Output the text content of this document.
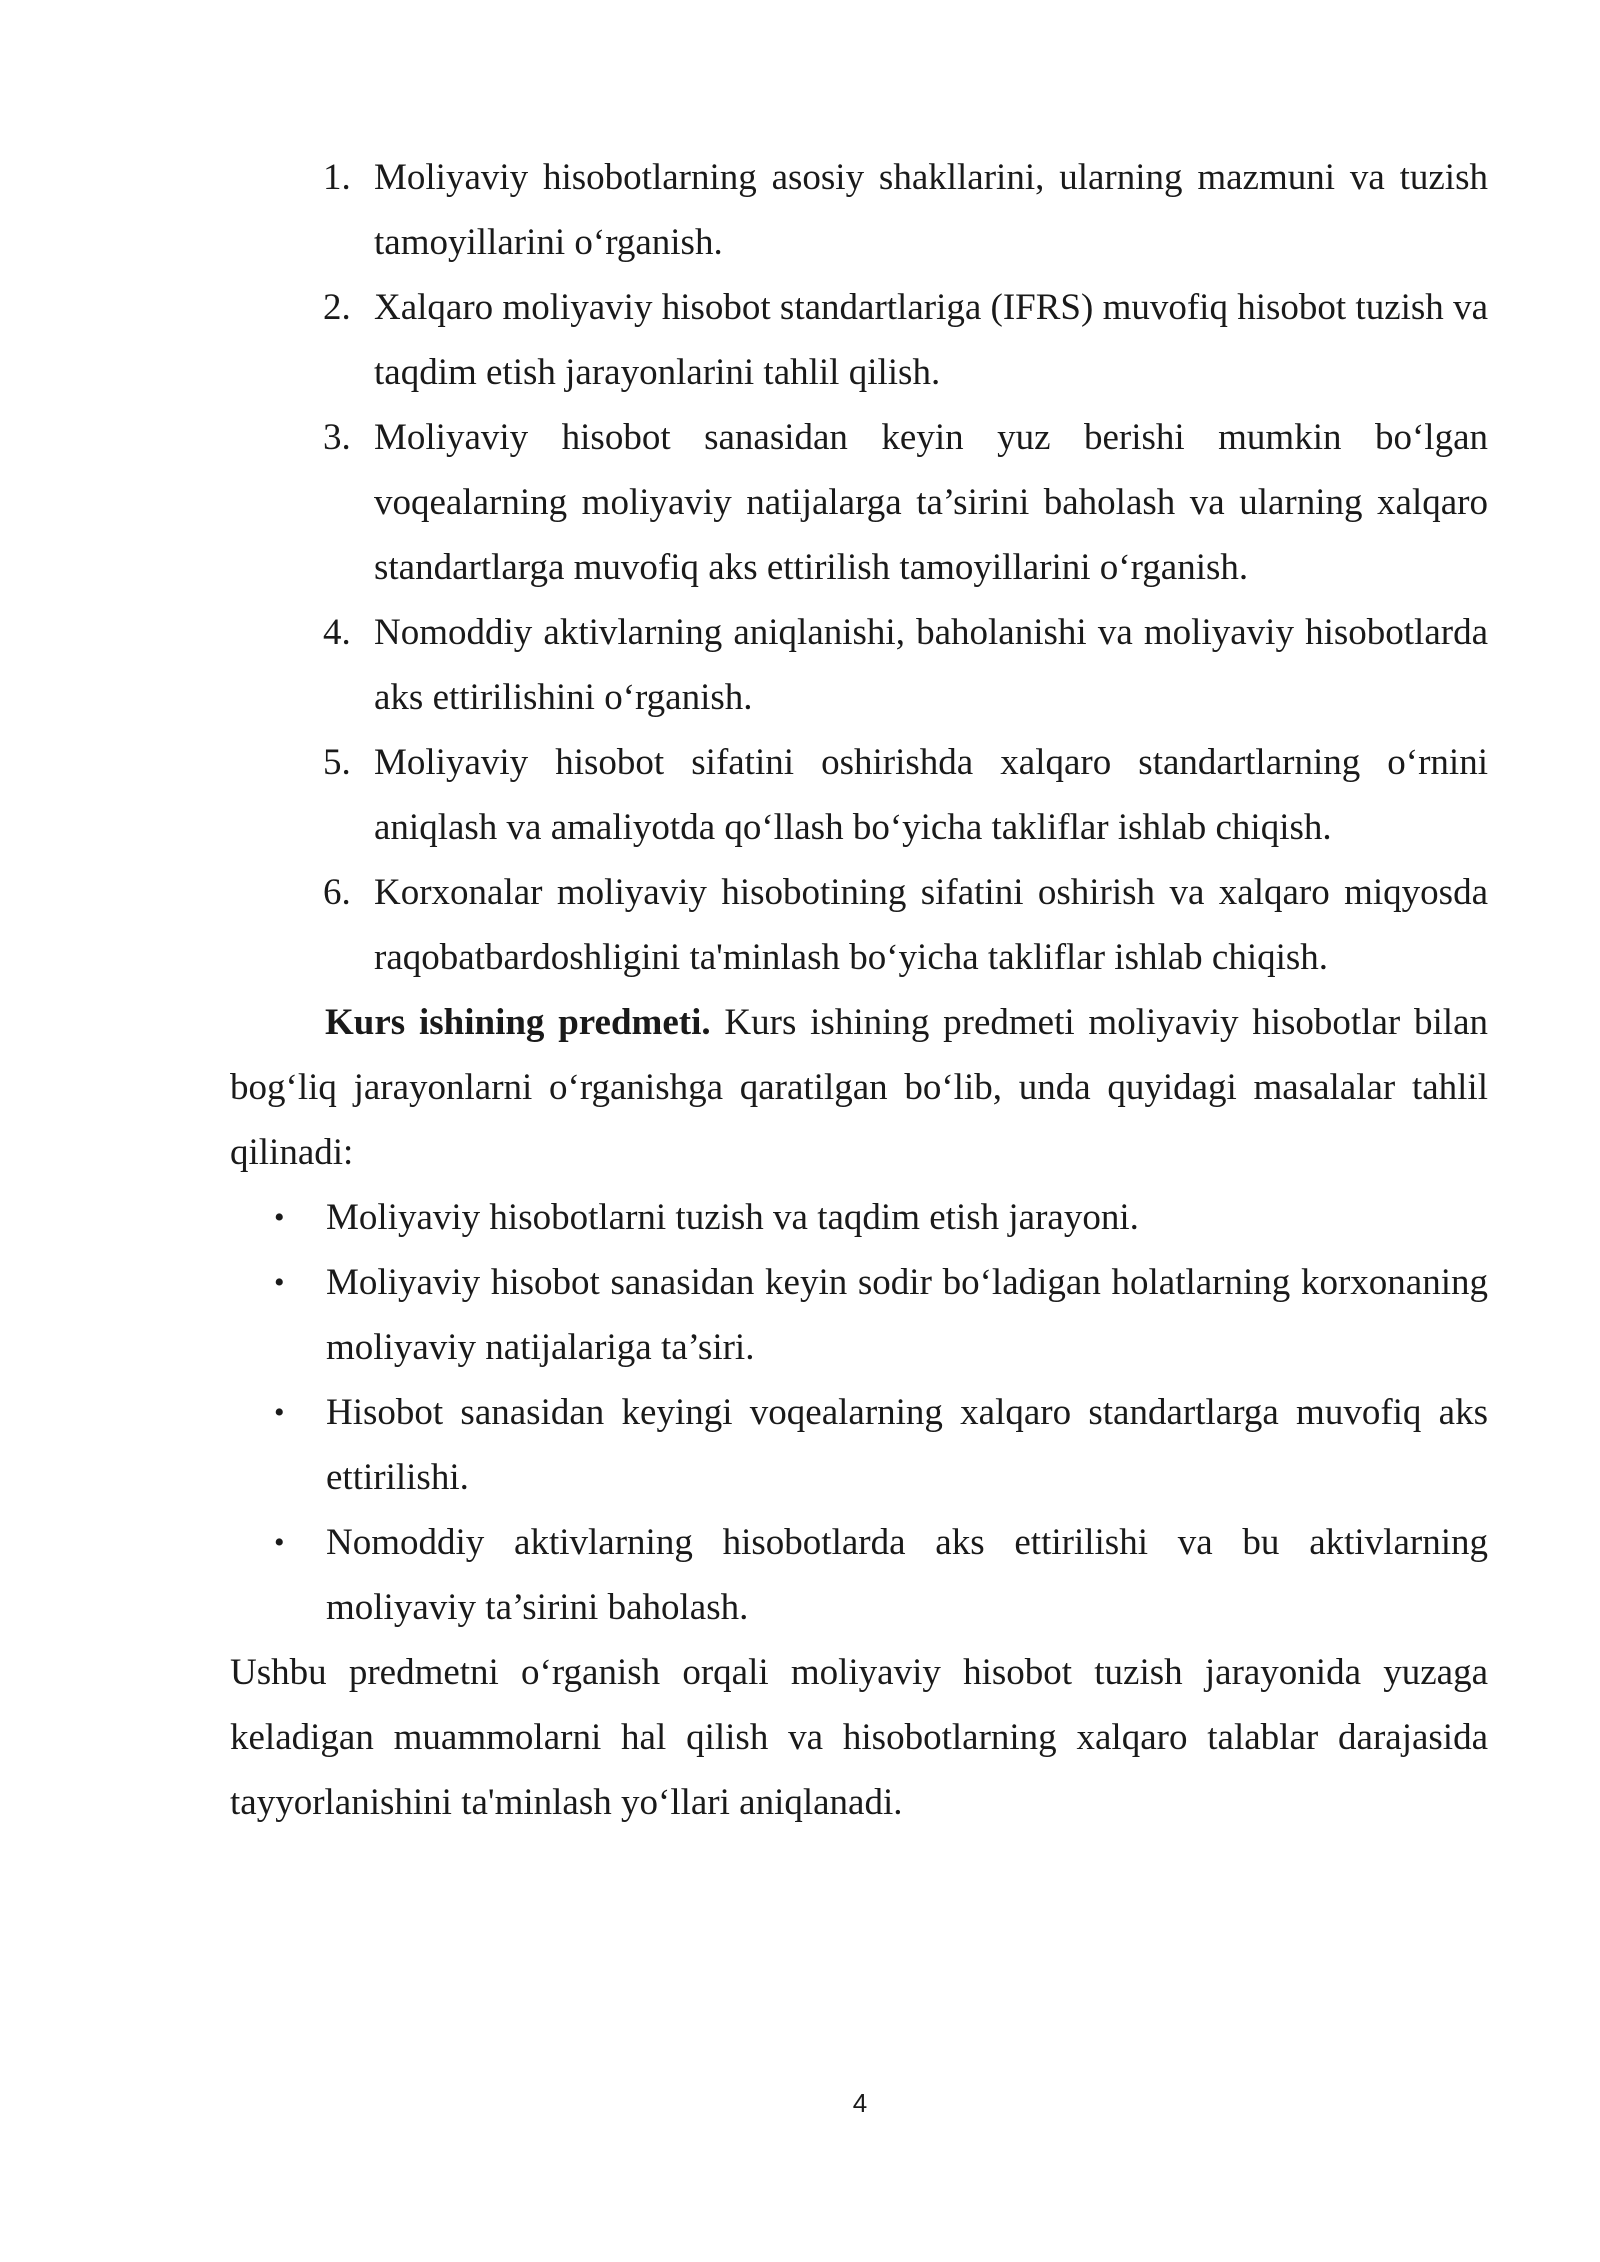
1. Moliyaviy hisobotlarning asosiy shakllarini, ularning mazmuni va tuzish tamoyillarini o‘rganish.
2. Xalqaro moliyaviy hisobot standartlariga (IFRS) muvofiq hisobot tuzish va taqdim etish jarayonlarini tahlil qilish.
3. Moliyaviy hisobot sanasidan keyin yuz berishi mumkin bo‘lgan voqealarning moliyaviy natijalarga ta’sirini baholash va ularning xalqaro standartlarga muvofiq aks ettirilish tamoyillarini o‘rganish.
4. Nomoddiy aktivlarning aniqlanishi, baholanishi va moliyaviy hisobotlarda aks ettirilishini o‘rganish.
5. Moliyaviy hisobot sifatini oshirishda xalqaro standartlarning o‘rnini aniqlash va amaliyotda qo‘llash bo‘yicha takliflar ishlab chiqish.
6. Korxonalar moliyaviy hisobotining sifatini oshirish va xalqaro miqyosda raqobatbardoshligini ta'minlash bo‘yicha takliflar ishlab chiqish.

Kurs ishining predmeti. Kurs ishining predmeti moliyaviy hisobotlar bilan bog‘liq jarayonlarni o‘rganishga qaratilgan bo‘lib, unda quyidagi masalalar tahlil qilinadi:

• Moliyaviy hisobotlarni tuzish va taqdim etish jarayoni.
• Moliyaviy hisobot sanasidan keyin sodir bo‘ladigan holatlarning korxonaning moliyaviy natijalariga ta’siri.
• Hisobot sanasidan keyingi voqealarning xalqaro standartlarga muvofiq aks ettirilishi.
• Nomoddiy aktivlarning hisobotlarda aks ettirilishi va bu aktivlarning moliyaviy ta’sirini baholash.

Ushbu predmetni o‘rganish orqali moliyaviy hisobot tuzish jarayonida yuzaga keladigan muammolarni hal qilish va hisobotlarning xalqaro talablar darajasida tayyorlanishini ta'minlash yo‘llari aniqlanadi.

4
